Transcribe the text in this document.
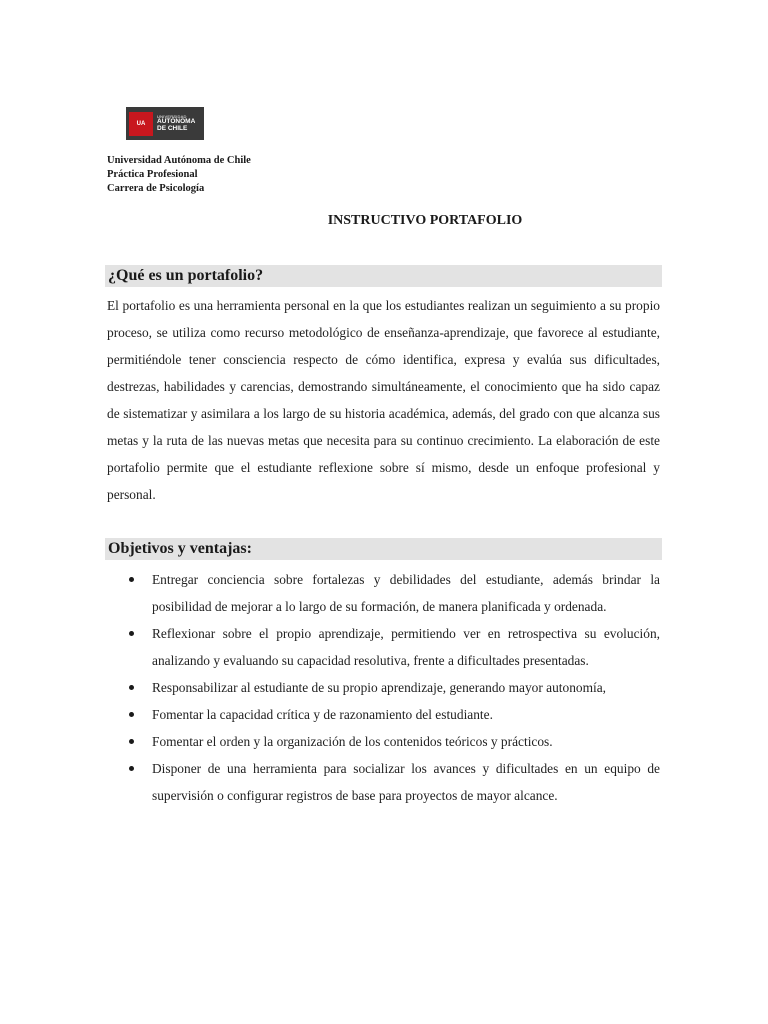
UA
UNIVERSIDAD
AUTÓNOMA
DE CHILE
Universidad Autónoma de Chile
Práctica Profesional
Carrera de Psicología
INSTRUCTIVO PORTAFOLIO
¿Qué es un portafolio?
El portafolio es una herramienta personal en la que los estudiantes realizan un seguimiento a su propio proceso, se utiliza como recurso metodológico de enseñanza-aprendizaje, que favorece al estudiante, permitiéndole tener consciencia respecto de cómo identifica, expresa y evalúa sus dificultades, destrezas, habilidades y carencias, demostrando simultáneamente, el conocimiento que ha sido capaz de sistematizar y asimilara a los largo de su historia académica, además, del grado con que alcanza sus metas y la ruta de las nuevas metas que necesita para su continuo crecimiento. La elaboración de este portafolio permite que el estudiante reflexione sobre sí mismo, desde un enfoque profesional y personal.
Objetivos y ventajas:
Entregar conciencia sobre fortalezas y debilidades del estudiante, además brindar la posibilidad de mejorar a lo largo de su formación, de manera planificada y ordenada.
Reflexionar sobre el propio aprendizaje, permitiendo ver en retrospectiva su evolución, analizando y evaluando su capacidad resolutiva, frente a dificultades presentadas.
Responsabilizar al estudiante de su propio aprendizaje, generando mayor autonomía,
Fomentar la capacidad crítica y de razonamiento del estudiante.
Fomentar el orden y la organización de los contenidos teóricos y prácticos.
Disponer de una herramienta para socializar los avances y dificultades en un equipo de supervisión o configurar registros de base para proyectos de mayor alcance.
